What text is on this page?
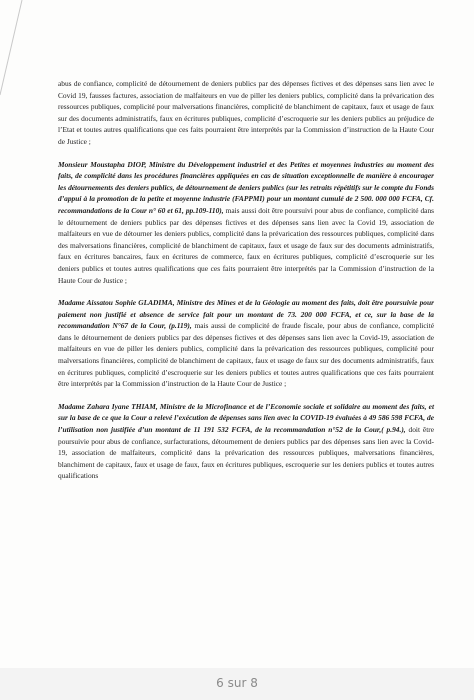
abus de confiance, complicité de détournement de deniers publics par des dépenses fictives et des dépenses sans lien avec le Covid 19, fausses factures, association de malfaiteurs en vue de piller les deniers publics, complicité dans la prévarication des ressources publiques, complicité pour malversations financières, complicité de blanchiment de capitaux, faux et usage de faux sur des documents administratifs, faux en écritures publiques, complicité d’escroquerie sur les deniers publics au préjudice de l’Etat et toutes autres qualifications que ces faits pourraient être interprétés par la Commission d’instruction de la Haute Cour de Justice ;

Monsieur Moustapha DIOP, Ministre du Développement industriel et des Petites et moyennes industries au moment des faits, de complicité dans les procédures financières appliquées en cas de situation exceptionnelle de manière à encourager les détournements des deniers publics, de détournement de deniers publics (sur les retraits répétitifs sur le compte du Fonds d’appui à la promotion de la petite et moyenne industrie (FAPPMI) pour un montant cumulé de 2 500. 000 000 FCFA, Cf. recommandations de la Cour n° 60 et 61, pp.109-110), mais aussi doit être poursuivi pour abus de confiance, complicité dans le détournement de deniers publics par des dépenses fictives et des dépenses sans lien avec la Covid 19, association de malfaiteurs en vue de détourner les deniers publics, complicité dans la prévarication des ressources publiques, complicité dans des malversations financières, complicité de blanchiment de capitaux, faux et usage de faux sur des documents administratifs, faux en écritures bancaires, faux en écritures de commerce, faux en écritures publiques, complicité d’escroquerie sur les deniers publics et toutes autres qualifications que ces faits pourraient être interprétés par la Commission d’instruction de la Haute Cour de Justice ;

Madame Aissatou Sophie GLADIMA, Ministre des Mines et de la Géologie au moment des faits, doit être poursuivie pour paiement non justifié et absence de service fait pour un montant de 73. 200 000 FCFA, et ce, sur la base de la recommandation N°67 de la Cour, (p.119), mais aussi de complicité de fraude fiscale, pour abus de confiance, complicité dans le détournement de deniers publics par des dépenses fictives et des dépenses sans lien avec la Covid-19, association de malfaiteurs en vue de piller les deniers publics, complicité dans la prévarication des ressources publiques, complicité pour malversations financières, complicité de blanchiment de capitaux, faux et usage de faux sur des documents administratifs, faux en écritures publiques, complicité d’escroquerie sur les deniers publics et toutes autres qualifications que ces faits pourraient être interprétés par la Commission d’instruction de la Haute Cour de Justice ;

Madame Zahara Iyane THIAM, Ministre de la Microfinance et de l’Economie sociale et solidaire au moment des faits, et sur la base de ce que la Cour a relevé l’exécution de dépenses sans lien avec la COVID-19 évaluées à 49 586 598 FCFA, de l’utilisation non justifiée d’un montant de 11 191 532 FCFA, de la recommandation n°52 de la Cour,( p.94.), doit être poursuivie pour abus de confiance, surfacturations, détournement de deniers publics par des dépenses sans lien avec la Covid-19, association de malfaiteurs, complicité dans la prévarication des ressources publiques, malversations financières, blanchiment de capitaux, faux et usage de faux, faux en écritures publiques, escroquerie sur les deniers publics et toutes autres qualifications

6 sur 8
